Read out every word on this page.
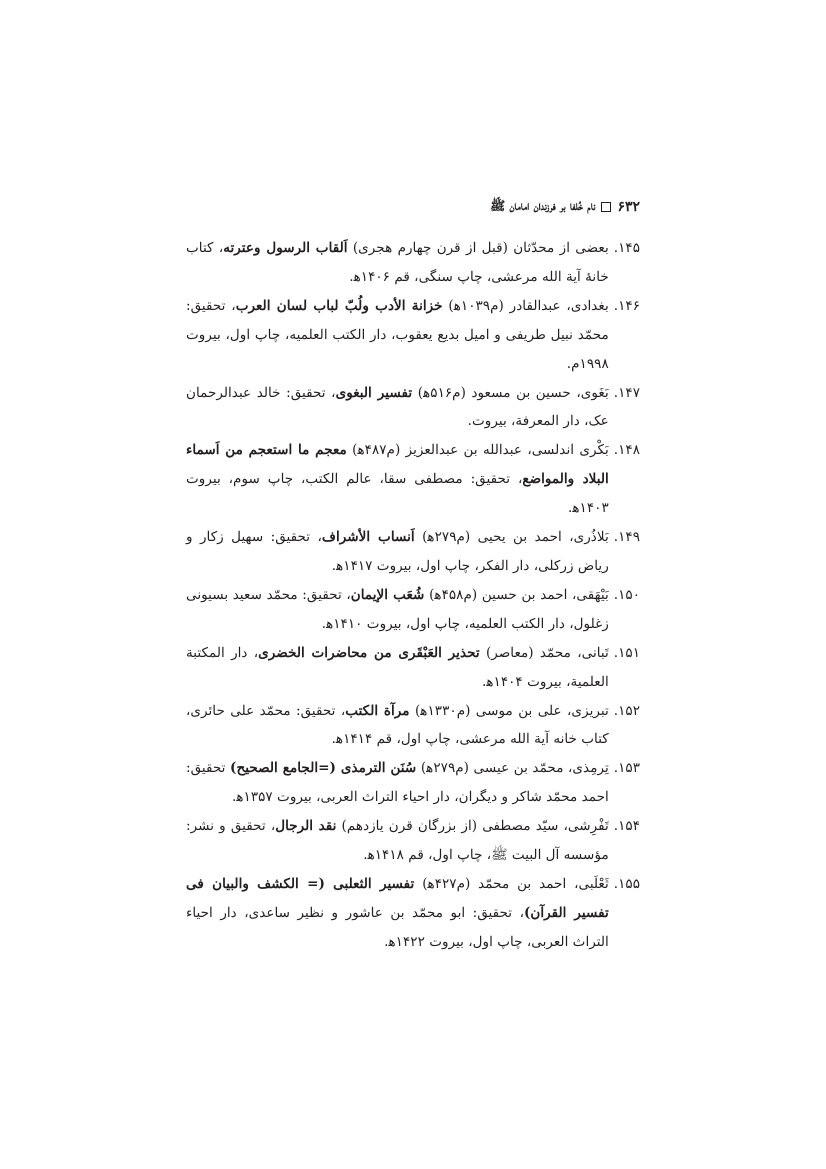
۶۳۲
نام خُلفا بر فرزندان امامان ﷺ
۱۴۵.
بعضی از محدّثان (قبل از قرن چهارم هجری) اَلقاب الرسول وعترته، کتاب خانهٔ آیة الله مرعشی، چاپ سنگی، قم ۱۴۰۶ه‍.
۱۴۶.
بغدادی، عبدالقادر (م۱۰۳۹ه‍) خزانة الأدب ولُبّ لباب لسان العرب، تحقیق: محمّد نبیل طریفی و امیل بدیع یعقوب، دار الکتب العلمیه، چاپ اول، بیروت ۱۹۹۸م.
۱۴۷.
بَغَوی، حسین بن مسعود (م۵۱۶ه‍) تفسیر البغوی، تحقیق: خالد عبدالرحمان عک، دار المعرفة، بیروت.
۱۴۸.
بَکْری اندلسی، عبدالله بن عبدالعزیز (م۴۸۷ه‍) معجم ما استعجم من اَسماء البلاد والمواضع، تحقیق: مصطفی سقا، عالم الکتب، چاپ سوم، بیروت ۱۴۰۳ه‍.
۱۴۹.
بَلاذُری، احمد بن یحیی (م۲۷۹ه‍) اَنساب الأشراف، تحقیق: سهیل زکار و ریاض زرکلی، دار الفکر، چاپ اول، بیروت ۱۴۱۷ه‍.
۱۵۰.
بَیْهَقی، احمد بن حسین (م۴۵۸ه‍) شُعَب الإیمان، تحقیق: محمّد سعید بسیونی زغلول، دار الکتب العلمیه، چاپ اول، بیروت ۱۴۱۰ه‍.
۱۵۱.
تَبانی، محمّد (معاصر) تحذیر العَبْقَری من محاضرات الخضری، دار المکتبة العلمیة، بیروت ۱۴۰۴ه‍.
۱۵۲.
تبریزی، علی بن موسی (م۱۳۳۰ه‍) مرآة الکتب، تحقیق: محمّد علی حائری، کتاب خانه آیة الله مرعشی، چاپ اول، قم ۱۴۱۴ه‍.
۱۵۳.
تِرمِذی، محمّد بن عیسی (م۲۷۹ه‍) سُنَن الترمذی (=الجامع الصحیح) تحقیق: احمد محمّد شاکر و دیگران، دار احیاء التراث العربی، بیروت ۱۳۵۷ه‍.
۱۵۴.
تَفْرِشی، سیّد مصطفی (از بزرگان قرن یازدهم) نقد الرجال، تحقیق و نشر: مؤسسه آل البیت ﷺ، چاپ اول، قم ۱۴۱۸ه‍.
۱۵۵.
ثَعْلَبی، احمد بن محمّد (م۴۲۷ه‍) تفسیر الثعلبی (= الکشف والبیان فی تفسیر القرآن)، تحقیق: ابو محمّد بن عاشور و نظیر ساعدی، دار احیاء التراث العربی، چاپ اول، بیروت ۱۴۲۲ه‍.
